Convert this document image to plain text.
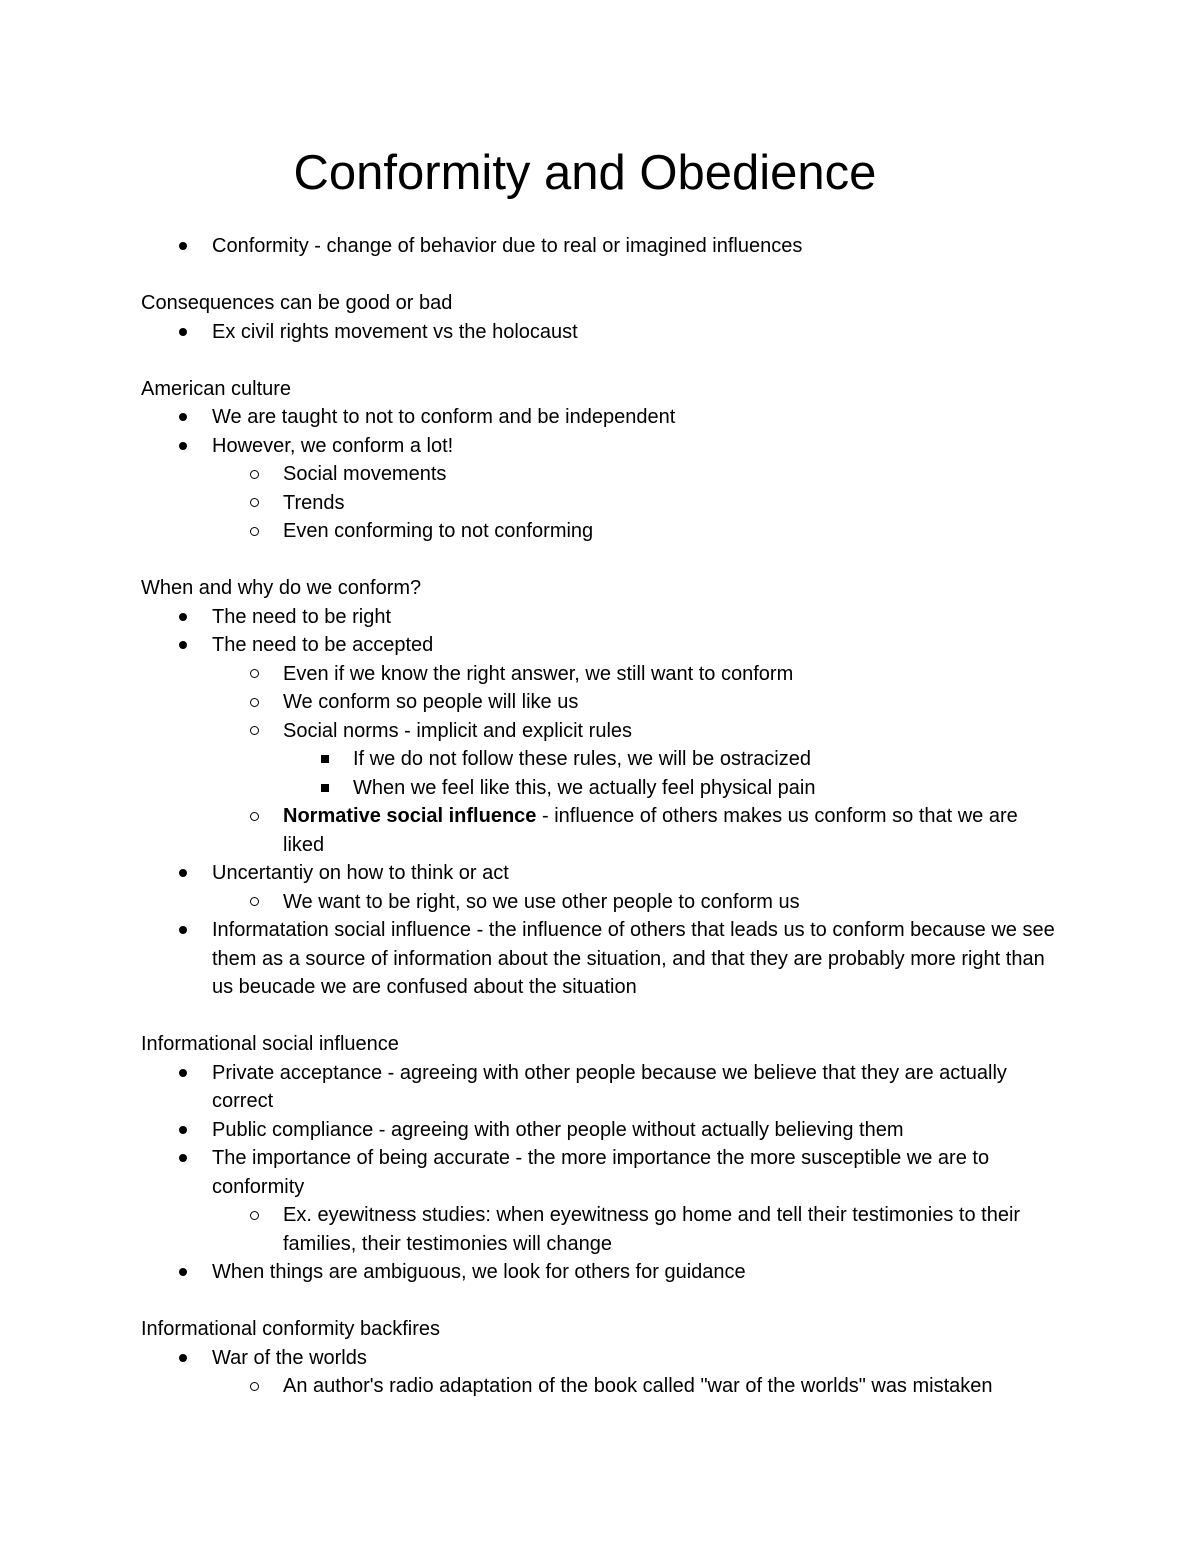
Conformity and Obedience

Conformity - change of behavior due to real or imagined influences

Consequences can be good or bad

Ex civil rights movement vs the holocaust

American culture

We are taught to not to conform and be independent

However, we conform a lot!

Social movements

Trends

Even conforming to not conforming

When and why do we conform?

The need to be right

The need to be accepted

Even if we know the right answer, we still want to conform

We conform so people will like us

Social norms - implicit and explicit rules

If we do not follow these rules, we will be ostracized

When we feel like this, we actually feel physical pain

Normative social influence - influence of others makes us conform so that we are liked

Uncertantiy on how to think or act

We want to be right, so we use other people to conform us

Informatation social influence - the influence of others that leads us to conform because we see them as a source of information about the situation, and that they are probably more right than us beucade we are confused about the situation

Informational social influence

Private acceptance - agreeing with other people because we believe that they are actually correct

Public compliance - agreeing with other people without actually believing them

The importance of being accurate - the more importance the more susceptible we are to conformity

Ex. eyewitness studies: when eyewitness go home and tell their testimonies to their families, their testimonies will change

When things are ambiguous, we look for others for guidance

Informational conformity backfires

War of the worlds

An author's radio adaptation of the book called "war of the worlds" was mistaken
